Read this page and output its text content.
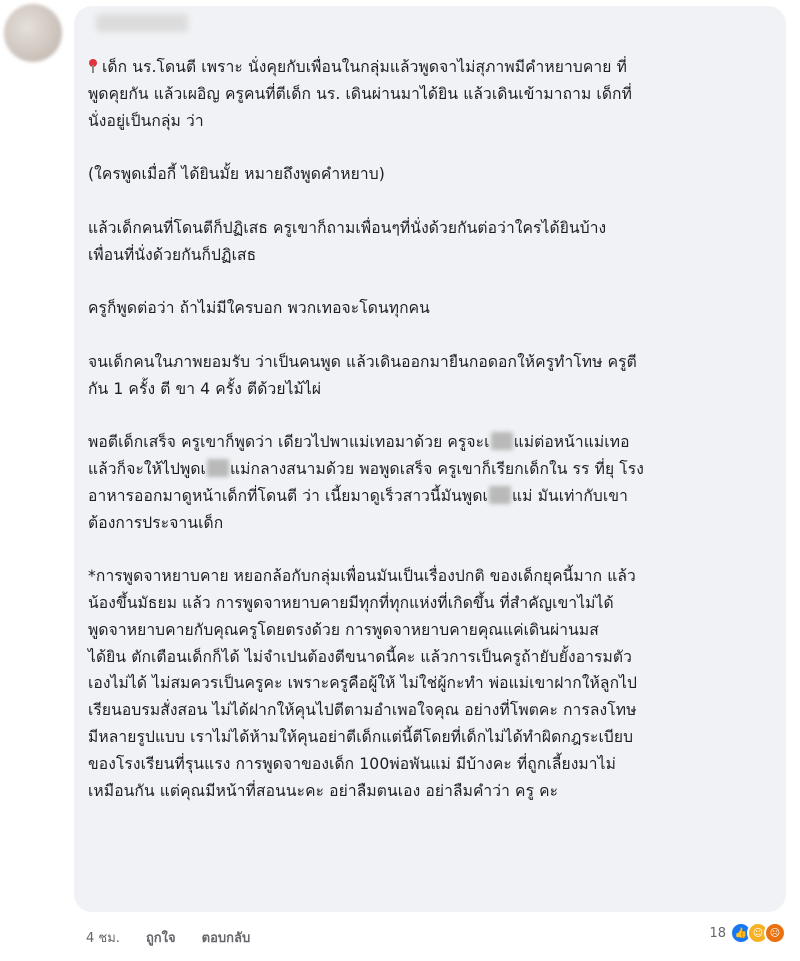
เด็ก นร.โดนตี เพราะ นั่งคุยกับเพื่อนในกลุ่มแล้วพูดจาไม่สุภาพมีคำหยาบคาย ที่
พูดคุยกัน แล้วเผอิญ ครูคนที่ตีเด็ก นร. เดินผ่านมาได้ยิน แล้วเดินเข้ามาถาม เด็กที่
นั่งอยู่เป็นกลุ่ม ว่า
(ใครพูดเมื่อกี้ ได้ยินมั้ย หมายถึงพูดคำหยาบ)
แล้วเด็กคนที่โดนตีก็ปฏิเสธ ครูเขาก็ถามเพื่อนๆที่นั่งด้วยกันต่อว่าใครได้ยินบ้าง
เพื่อนที่นั่งด้วยกันก็ปฏิเสธ
ครูก็พูดต่อว่า ถ้าไม่มีใครบอก พวกเทอจะโดนทุกคน
จนเด็กคนในภาพยอมรับ ว่าเป็นคนพูด แล้วเดินออกมายืนกอดอกให้ครูทำโทษ ครูตี
กัน 1 ครั้ง ตี ขา 4 ครั้ง ตีด้วยไม้ไผ่
พอตีเด็กเสร็จ ครูเขาก็พูดว่า เดียวไปพาแม่เทอมาด้วย ครูจะเ แม่ต่อหน้าแม่เทอ
แล้วก็จะให้ไปพูดเ แม่กลางสนามด้วย พอพูดเสร็จ ครูเขาก็เรียกเด็กใน รร ที่ยุ โรง
อาหารออกมาดูหน้าเด็กที่โดนตี ว่า เนี้ยมาดูเร็วสาวนี้มันพูดเ แม่ มันเท่ากับเขา
ต้องการประจานเด็ก
*การพูดจาหยาบคาย หยอกล้อกับกลุ่มเพื่อนมันเป็นเรื่องปกติ ของเด็กยุคนี้มาก แล้ว
น้องขึ้นมัธยม แล้ว การพูดจาหยาบคายมีทุกที่ทุกแห่งที่เกิดขึ้น ที่สำคัญเขาไม่ได้
พูดจาหยาบคายกับคุณครูโดยตรงด้วย การพูดจาหยาบคายคุณแค่เดินผ่านมส
ได้ยิน ตักเตือนเด็กก็ได้ ไม่จำเปนต้องตีขนาดนี้คะ แล้วการเป็นครูถ้ายับยั้งอารมตัว
เองไม่ได้ ไม่สมควรเป็นครูคะ เพราะครูคือผู้ให้ ไม่ใช่ผู้กะทำ พ่อแม่เขาฝากให้ลูกไป
เรียนอบรมสั่งสอน ไม่ได้ฝากให้คุนไปตีตามอำเพอใจคุณ อย่างที่โพตคะ การลงโทษ
มีหลายรูปแบบ เราไม่ได้ห้ามให้คุนอย่าตีเด็กแต่นี้ตีโดยที่เด็กไม่ได้ทำผิดกฎระเบียบ
ของโรงเรียนที่รุนแรง การพูดจาของเด็ก 100พ่อพันแม่ มีบ้างคะ ที่ถูกเลี้ยงมาไม่
เหมือนกัน แต่คุณมีหน้าที่สอนนะคะ อย่าลืมตนเอง อย่าลืมคำว่า ครู คะ
4 ชม. ถูกใจ ตอบกลับ	18 👍 ☺ ☹
